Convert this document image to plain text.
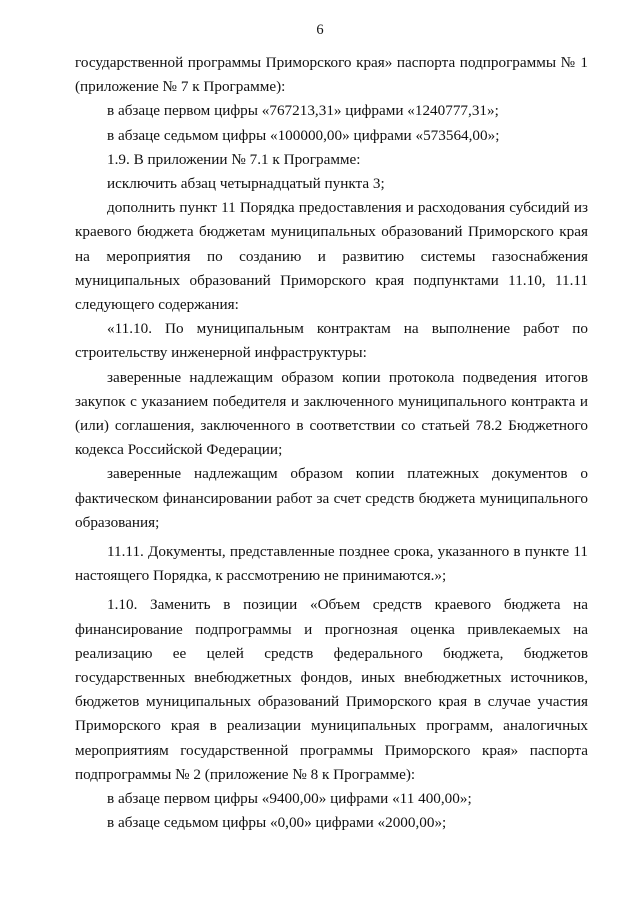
6

государственной программы Приморского края» паспорта подпрограммы № 1 (приложение № 7 к Программе):

в абзаце первом цифры «767213,31» цифрами «1240777,31»;

в абзаце седьмом цифры «100000,00» цифрами «573564,00»;

1.9. В приложении № 7.1 к Программе:

исключить абзац четырнадцатый пункта 3;

дополнить пункт 11 Порядка предоставления и расходования субсидий из краевого бюджета бюджетам муниципальных образований Приморского края на мероприятия по созданию и развитию системы газоснабжения муниципальных образований Приморского края подпунктами 11.10, 11.11 следующего содержания:

«11.10. По муниципальным контрактам на выполнение работ по строительству инженерной инфраструктуры:

заверенные надлежащим образом копии протокола подведения итогов закупок с указанием победителя и заключенного муниципального контракта и (или) соглашения, заключенного в соответствии со статьей 78.2 Бюджетного кодекса Российской Федерации;

заверенные надлежащим образом копии платежных документов о фактическом финансировании работ за счет средств бюджета муниципального образования;

11.11. Документы, представленные позднее срока, указанного в пункте 11 настоящего Порядка, к рассмотрению не принимаются.»;

1.10. Заменить в позиции «Объем средств краевого бюджета на финансирование подпрограммы и прогнозная оценка привлекаемых на реализацию ее целей средств федерального бюджета, бюджетов государственных внебюджетных фондов, иных внебюджетных источников, бюджетов муниципальных образований Приморского края в случае участия Приморского края в реализации муниципальных программ, аналогичных мероприятиям государственной программы Приморского края» паспорта подпрограммы № 2 (приложение № 8 к Программе):

в абзаце первом цифры «9400,00» цифрами «11 400,00»;

в абзаце седьмом цифры «0,00» цифрами «2000,00»;
